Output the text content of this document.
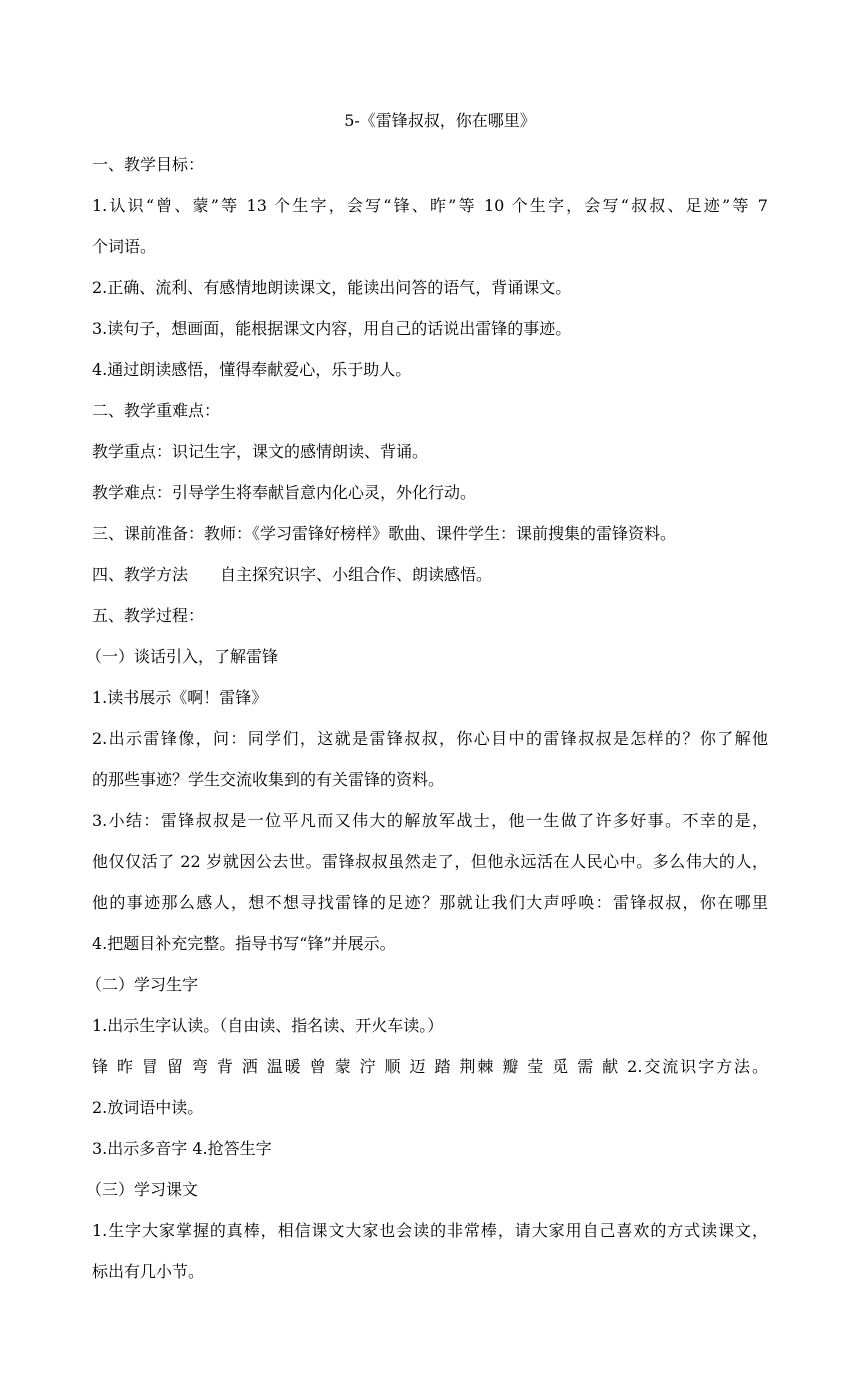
5-《雷锋叔叔，你在哪里》
一、教学目标：
1.认识“曾、蒙”等 13 个生字，会写“锋、昨”等 10 个生字，会写“叔叔、足迹”等 7
个词语。
2.正确、流利、有感情地朗读课文，能读出问答的语气，背诵课文。
3.读句子，想画面，能根据课文内容，用自己的话说出雷锋的事迹。
4.通过朗读感悟，懂得奉献爱心，乐于助人。
二、教学重难点：
教学重点：识记生字，课文的感情朗读、背诵。
教学难点：引导学生将奉献旨意内化心灵，外化行动。
三、课前准备：教师：《学习雷锋好榜样》歌曲、课件学生：课前搜集的雷锋资料。
四、教学方法　　自主探究识字、小组合作、朗读感悟。
五、教学过程：
（一）谈话引入，了解雷锋
1.读书展示《啊！雷锋》
2.出示雷锋像，问：同学们，这就是雷锋叔叔，你心目中的雷锋叔叔是怎样的？你了解他
的那些事迹？学生交流收集到的有关雷锋的资料。
3.小结：雷锋叔叔是一位平凡而又伟大的解放军战士，他一生做了许多好事。不幸的是，
他仅仅活了 22 岁就因公去世。雷锋叔叔虽然走了，但他永远活在人民心中。多么伟大的人，
他的事迹那么感人，想不想寻找雷锋的足迹？那就让我们大声呼唤：雷锋叔叔，你在哪里
4.把题目补充完整。指导书写“锋”并展示。
（二）学习生字
1.出示生字认读。（自由读、指名读、开火车读。）
锋 昨 冒 留 弯 背 洒 温暖 曾 蒙 泞 顺 迈 踏 荆棘 瓣 莹 觅 需 献 2.交流识字方法。
2.放词语中读。
3.出示多音字 4.抢答生字
（三）学习课文
1.生字大家掌握的真棒，相信课文大家也会读的非常棒，请大家用自己喜欢的方式读课文，
标出有几小节。
